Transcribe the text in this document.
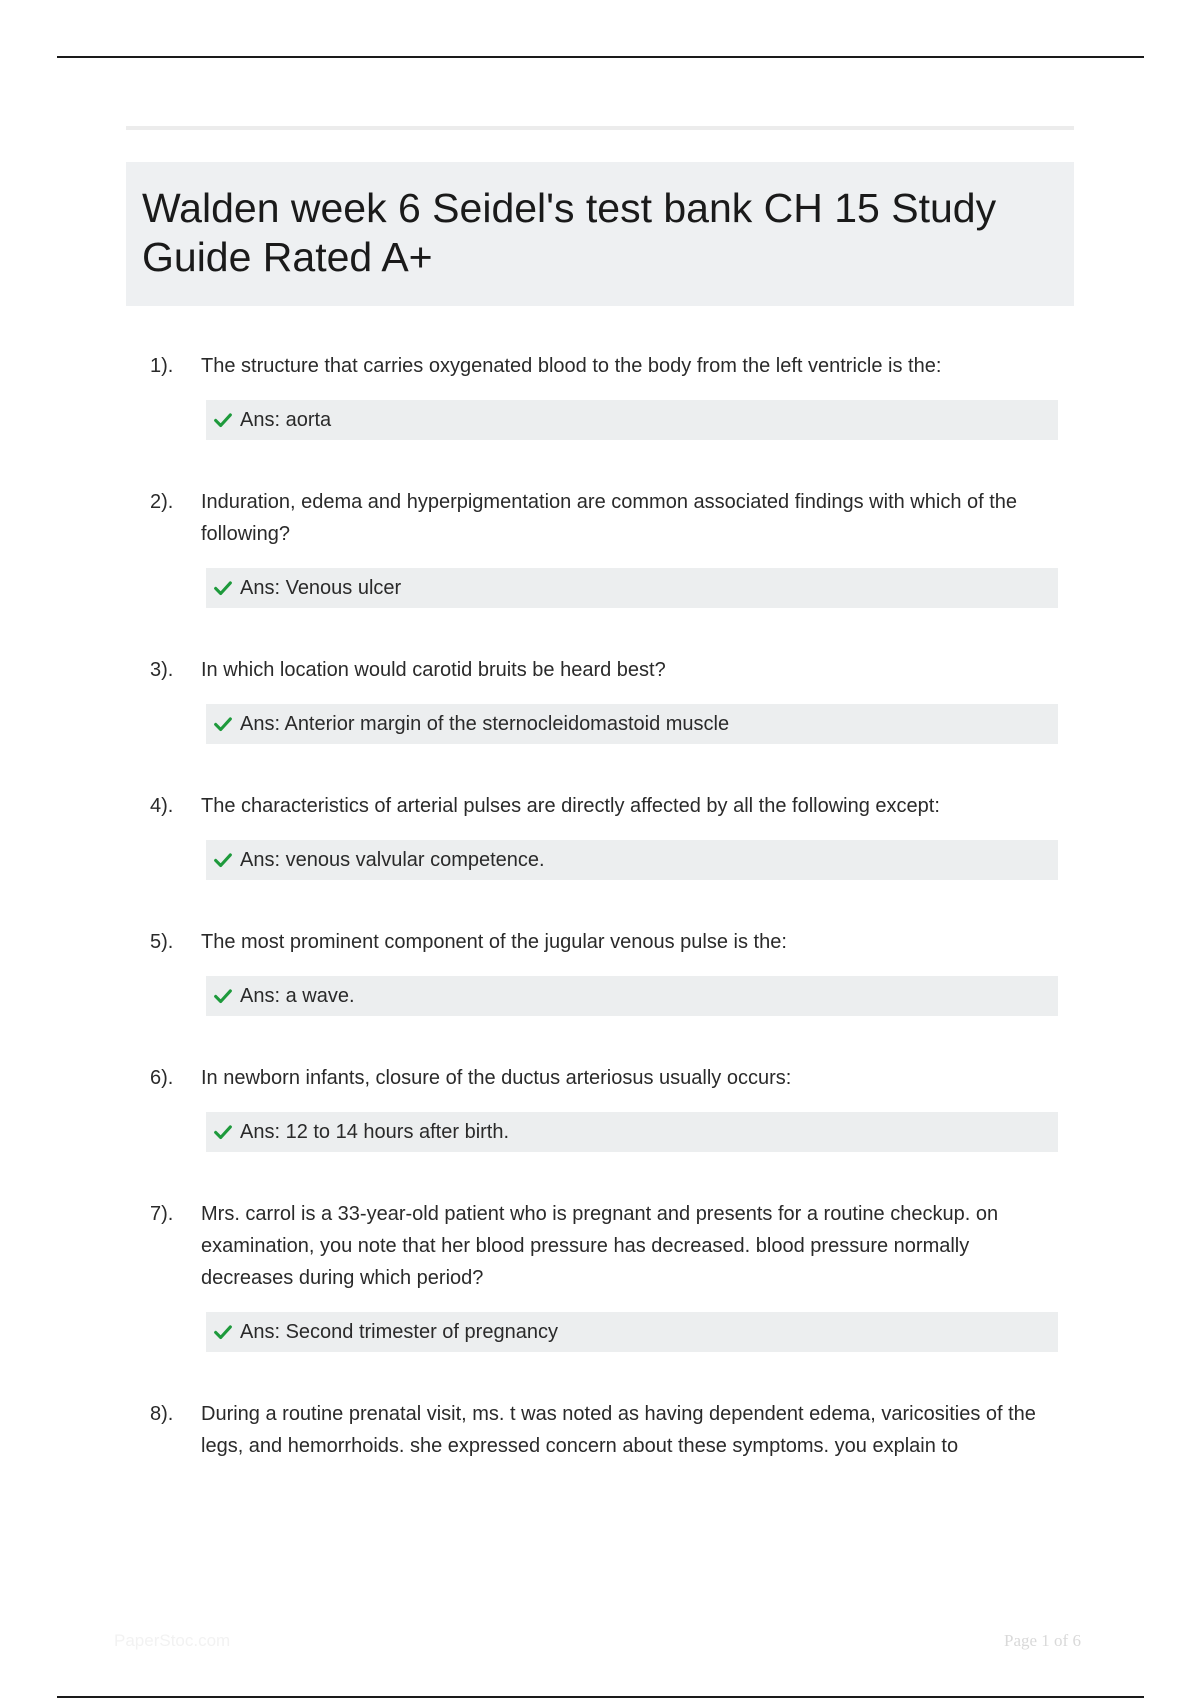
Walden week 6 Seidel's test bank CH 15 Study Guide Rated A+
1). The structure that carries oxygenated blood to the body from the left ventricle is the:
Ans: aorta
2). Induration, edema and hyperpigmentation are common associated findings with which of the following?
Ans: Venous ulcer
3). In which location would carotid bruits be heard best?
Ans: Anterior margin of the sternocleidomastoid muscle
4). The characteristics of arterial pulses are directly affected by all the following except:
Ans: venous valvular competence.
5). The most prominent component of the jugular venous pulse is the:
Ans: a wave.
6). In newborn infants, closure of the ductus arteriosus usually occurs:
Ans: 12 to 14 hours after birth.
7). Mrs. carrol is a 33-year-old patient who is pregnant and presents for a routine checkup. on examination, you note that her blood pressure has decreased. blood pressure normally decreases during which period?
Ans: Second trimester of pregnancy
8). During a routine prenatal visit, ms. t was noted as having dependent edema, varicosities of the legs, and hemorrhoids. she expressed concern about these symptoms. you explain to
PaperStoc.com	Page 1 of 6
